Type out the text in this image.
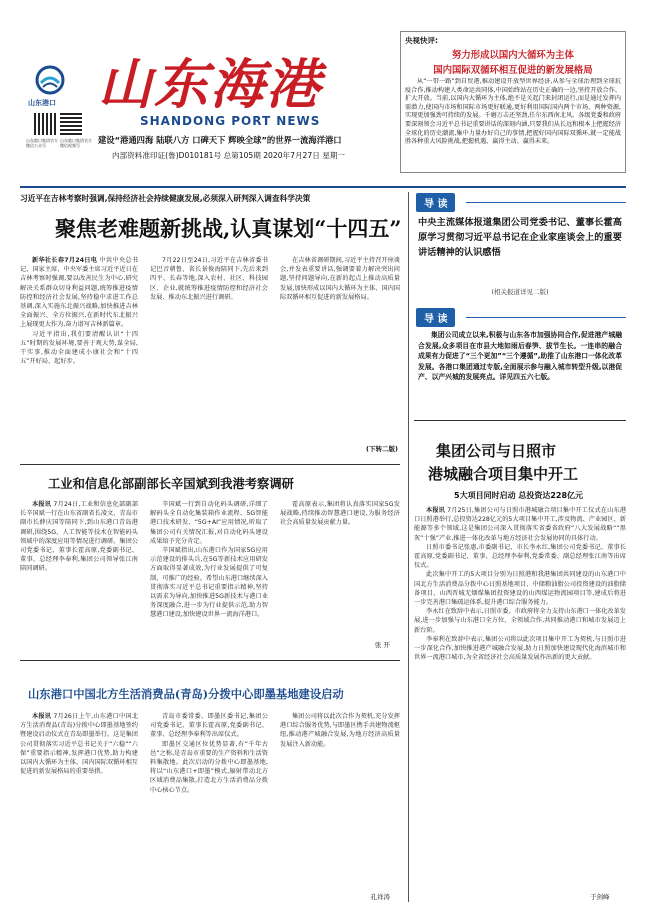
山东港口 山东海港
SHANDONG PORT NEWS
山东港口集团官方微信公众号
山东港口集团官方微信视频号
建设“港通四海 陆联八方 口碑天下 辉映全球”的世界一流海洋港口
内部资料准印证(鲁)D010181号 总第105期 2020年7月27日 星期一
央视快评:
努力形成以国内大循环为主体
国内国际双循环相互促进的新发展格局
从“一带一路”到自贸港,推动建设开放型世界经济,从参与全球治理到全球抗疫合作,推动构建人类命运共同体,中国始终站在历史正确的一边,坚持开放合作、扩大开放。当前,以国内大循环为主体,绝不是关起门来封闭运行,而是通过发挥内需潜力,使国内市场和国际市场更好联通,更好利用国际国内两个市场、两种资源,实现更加强劲可持续的发展。千磨万击还坚劲,任尔东西南北风。各级党委和政府要深刻领会习近平总书记重要讲话的深刻内涵,只要我们从长远和根本上把握经济全球化的历史潮流,集中力量办好自己的事情,把握好国内国际双循环,就一定能战胜各种重大风险挑战,把握机遇、赢得主动、赢得未来。
习近平在吉林考察时强调,保持经济社会持续健康发展,必须深入研判深入调查科学决策
聚焦老难题新挑战,认真谋划“十四五”

新华社长春7月24日电 中共中央总书记、国家主席、中央军委主席习近平近日在吉林考察时强调,要以改善民生为中心,研究解决关系群众切身利益问题,统筹推进疫情防控和经济社会发展,坚持稳中求进工作总基调,深入实施东北振兴战略,加快推进吉林全面振兴、全方位振兴,在新时代东北振兴上展现更大作为,奋力谱写吉林新篇章。

习近平指出,我们要清醒认识“十四五”时期的发展环境,要善于观大势,谋全局,干实事,推动全面建成小康社会和“十四五”开好局、起好步。

7月22日至24日,习近平在吉林省委书记巴音朝鲁、省长景俊海陪同下,先后来到四平、长春等地,深入农村、社区、科技园区、企业,就统筹推进疫情防控和经济社会发展、推动东北振兴进行调研。

在吉林省调研期间,习近平主持召开座谈会,并发表重要讲话,强调要着力解决突出问题,坚持问题导向,在新的起点上推动高质量发展,加快形成以国内大循环为主体、国内国际双循环相互促进的新发展格局。

(下转二版)
工业和信息化部副部长辛国斌到我港考察调研

本报讯 7月24日,工业和信息化部副部长辛国斌一行在山东省副省长凌文、青岛市副市长薛庆国等陪同下,到山东港口青岛港调研,围绕5G、人工智能等技术在智能码头领域中的深度应用等情况进行调研。集团公司党委书记、董事长霍高原,党委副书记、董事、总经理李奉利,集团公司领导张江南陪同调研。

辛国斌一行到自动化码头调研,详细了解码头全自动化集装箱作业流程、5G智能港口技术研发、“5G+AI”应用情况,听取了集团公司有关情况汇报,对自动化码头建设成果给予充分肯定。

辛国斌指出,山东港口作为国家5G应用示范建设的排头兵,在5G等新技术应用研发方面取得显著成效,为行业发展提供了可复制、可推广的经验。希望山东港口继续深入贯彻落实习近平总书记重要指示精神,坚持以需求为导向,加快推进5G新技术与港口业务深度融合,进一步为行业提供示范,助力智慧港口建设,加快建设世界一流海洋港口。

霍高原表示,集团将认真落实国家5G发展战略,持续推动智慧港口建设,为服务经济社会高质量发展贡献力量。

张 开
山东港口中国北方生活消费品(青岛)分拨中心即墨基地建设启动

本报讯 7月26日上午,山东港口中国北方生活消费品(青岛)分拨中心即墨基地签约暨建设启动仪式在青岛即墨举行。这是集团公司贯彻落实习近平总书记关于“六稳”“六保”重要指示精神,发挥港口优势,助力构建以国内大循环为主体、国内国际双循环相互促进的新发展格局的重要举措。

青岛市委常委、即墨区委书记,集团公司党委书记、董事长霍高原,党委副书记、董事、总经理李奉利等出席仪式。

即墨区交通区位优势显著,有“千年古邑”之称,是青岛市重要的生产资料和生活资料集散地。此次启动的分拨中心即墨基地,将以“山东港口+即墨”模式,辐射带动北方区域消费品集散,打造北方生活消费品分拨中心核心节点。

集团公司将以此次合作为契机,充分发挥港口综合服务优势,与即墨区携手共建物流枢纽,推动港产城融合发展,为地方经济高质量发展注入新动能。

孔祥涛
导 读
中央主流媒体报道集团公司党委书记、董事长霍高原学习贯彻习近平总书记在企业家座谈会上的重要讲话精神的认识感悟
(相关报道详见二版)
导 读
集团公司成立以来,积极与山东各市加强协同合作,促进港产城融合发展,众多项目在市县大地如雨后春笋、拔节生长。一连串的融合成果有力促进了“三个更加”“三个遵循”,助推了山东港口一体化改革发展。各港口集团通过专版,全面展示参与融入城市转型升级,以港促产、以产兴城的发展亮点。详见四五六七版。
集团公司与日照市
港城融合项目集中开工
5大项目同时启动 总投资达228亿元

本报讯 7月25日,集团公司与日照市港城融合项目集中开工仪式在山东港口日照港举行,总投资达228亿元的5大项目集中开工,涉及物流、产业园区、新能源等多个领域,这是集团公司深入贯彻落实省委省政府“八大发展战略““黑灰”十强”产业,推进一体化改革与地方经济社会发展协同的具体行动。

日照市委书记张惠,市委副书记、市长李永红,集团公司党委书记、董事长霍高原,党委副书记、董事、总经理李奉利,党委常委、副总经理张江南等出席仪式。

此次集中开工的5大项目分别为日照港和我港集团共同建设的山东港口中国北方生活消费品分拨中心日照基地项目、中储粮油脂公司投资建设的油脂储备项目、山西晋城无烟煤集团投资建设的山西煤运物流园项目等,建成后将进一步完善港口集疏运体系,提升港口综合服务能力。

李永红在致辞中表示,日照市委、市政府将全力支持山东港口一体化改革发展,进一步加强与山东港口全方位、全领域合作,共同推动港口和城市发展迈上新台阶。

李奉利在致辞中表示,集团公司将以此次项目集中开工为契机,与日照市进一步深化合作,加快推进港产城融合发展,助力日照加快建设现代化海滨城市和世界一流港口城市,为全省经济社会高质量发展作出新的更大贡献。

于剑峰
